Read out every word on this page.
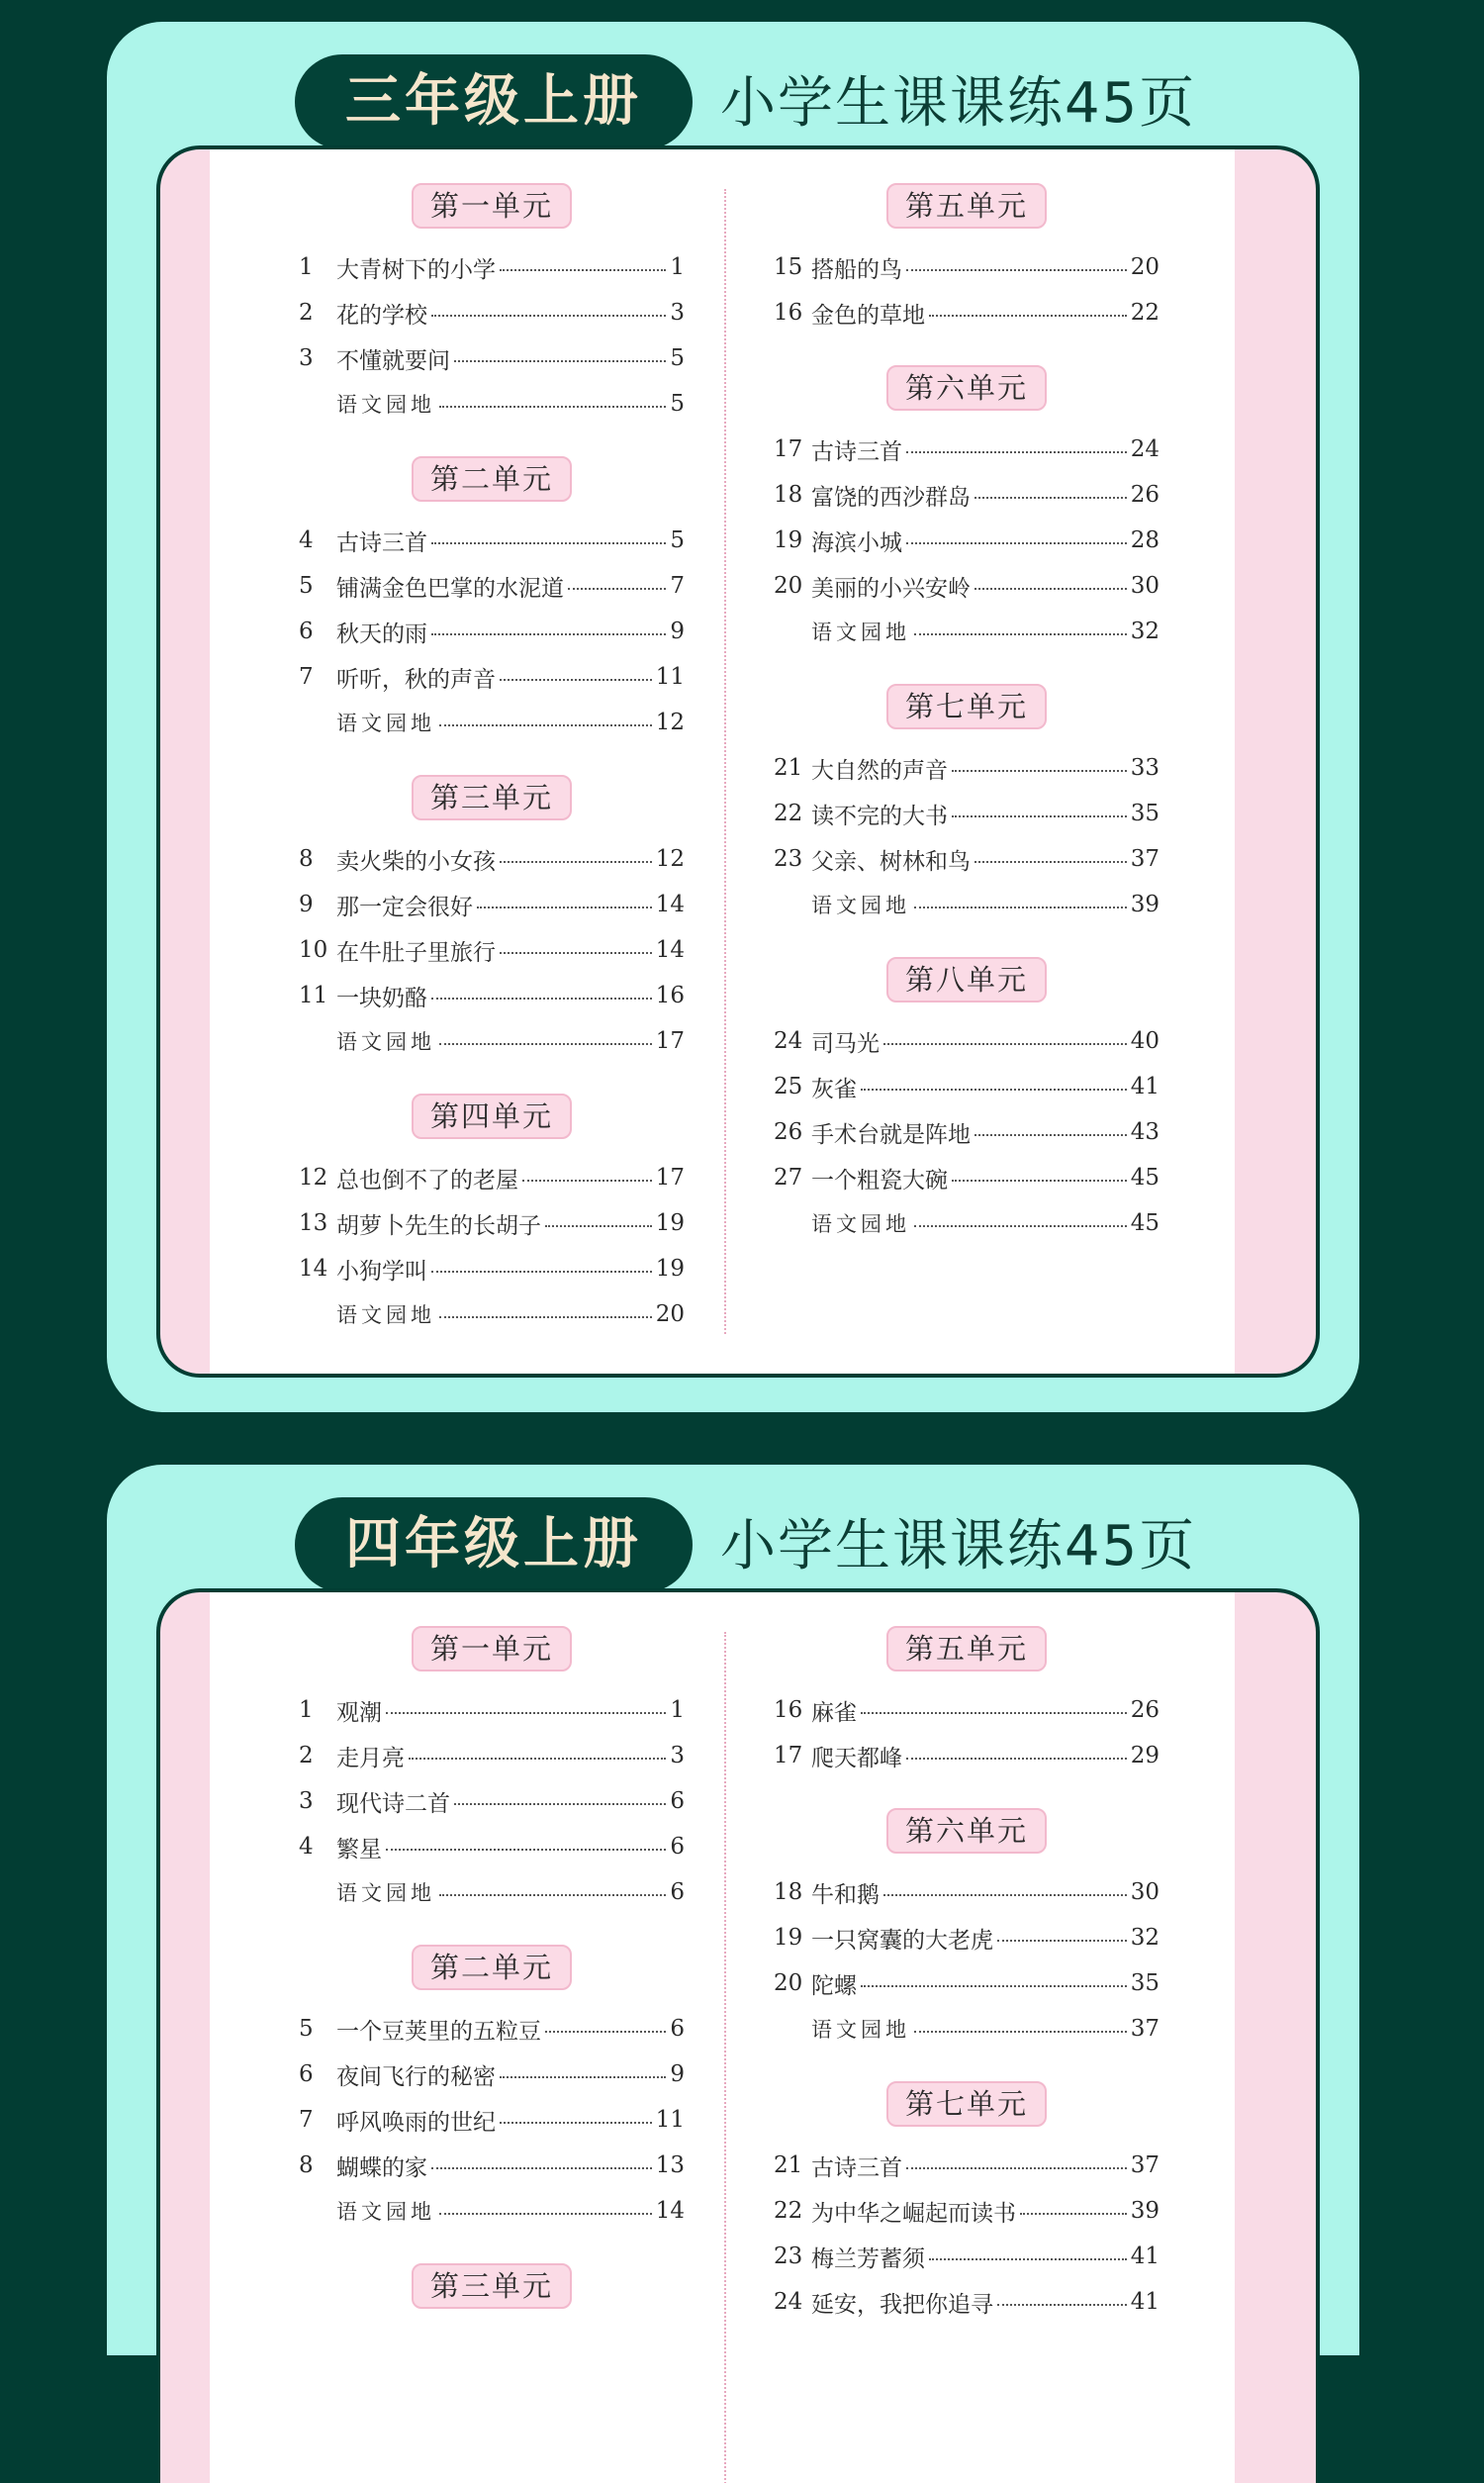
三年级上册	小学生课课练45页
第一单元
1	大青树下的小学	1
2	花的学校	3
3	不懂就要问	5
语文园地	5
第二单元
4	古诗三首	5
5	铺满金色巴掌的水泥道	7
6	秋天的雨	9
7	听听，秋的声音	11
语文园地	12
第三单元
8	卖火柴的小女孩	12
9	那一定会很好	14
10 在牛肚子里旅行	14
11 一块奶酪	16
语文园地	17
第四单元
12 总也倒不了的老屋	17
13 胡萝卜先生的长胡子	19
14 小狗学叫	19
语文园地	20
第五单元
15 搭船的鸟	20
16 金色的草地	22
第六单元
17 古诗三首	24
18 富饶的西沙群岛	26
19 海滨小城	28
20 美丽的小兴安岭	30
语文园地	32
第七单元
21 大自然的声音	33
22 读不完的大书	35
23 父亲、树林和鸟	37
语文园地	39
第八单元
24 司马光	40
25 灰雀	41
26 手术台就是阵地	43
27 一个粗瓷大碗	45
语文园地	45
四年级上册	小学生课课练45页
第一单元
1	观潮	1
2	走月亮	3
3	现代诗二首	6
4	繁星	6
语文园地	6
第二单元
5	一个豆荚里的五粒豆	6
6	夜间飞行的秘密	9
7	呼风唤雨的世纪	11
8	蝴蝶的家	13
语文园地	14
第三单元
第五单元
16 麻雀	26
17 爬天都峰	29
第六单元
18 牛和鹅	30
19 一只窝囊的大老虎	32
20 陀螺	35
语文园地	37
第七单元
21 古诗三首	37
22 为中华之崛起而读书	39
23 梅兰芳蓄须	41
24 延安，我把你追寻	41
